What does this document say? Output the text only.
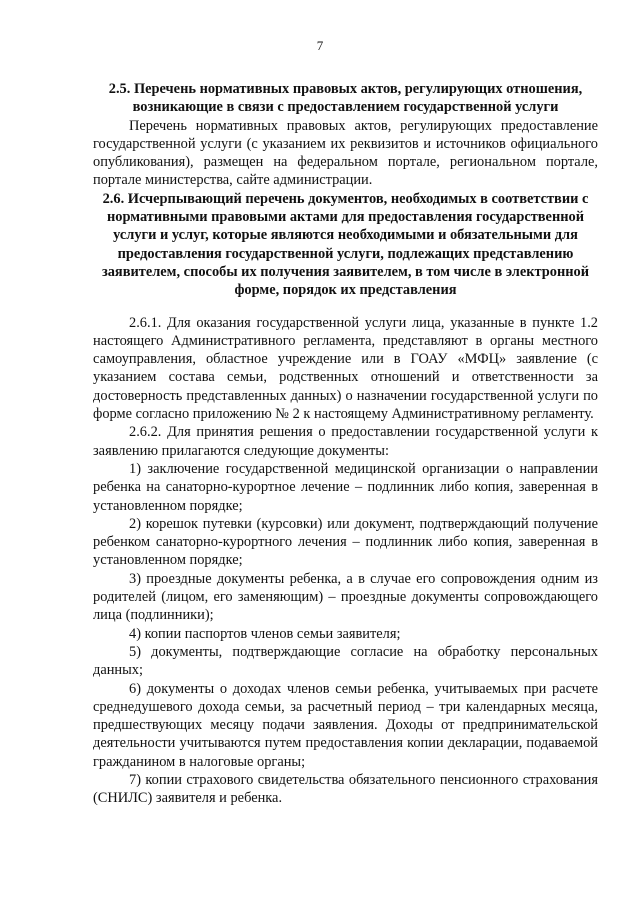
7

2.5. Перечень нормативных правовых актов, регулирующих отношения, возникающие в связи с предоставлением государственной услуги

Перечень нормативных правовых актов, регулирующих предоставление государственной услуги (с указанием их реквизитов и источников официального опубликования), размещен на федеральном портале, региональном портале, портале министерства, сайте администрации.

2.6. Исчерпывающий перечень документов, необходимых в соответствии с нормативными правовыми актами для предоставления государственной услуги и услуг, которые являются необходимыми и обязательными для предоставления государственной услуги, подлежащих представлению заявителем, способы их получения заявителем, в том числе в электронной форме, порядок их представления

2.6.1. Для оказания государственной услуги лица, указанные в пункте 1.2 настоящего Административного регламента, представляют в органы местного самоуправления, областное учреждение или в ГОАУ «МФЦ» заявление (с указанием состава семьи, родственных отношений и ответственности за достоверность представленных данных) о назначении государственной услуги по форме согласно приложению № 2 к настоящему Административному регламенту.

2.6.2. Для принятия решения о предоставлении государственной услуги к заявлению прилагаются следующие документы:

1) заключение государственной медицинской организации о направлении ребенка на санаторно-курортное лечение – подлинник либо копия, заверенная в установленном порядке;

2) корешок путевки (курсовки) или документ, подтверждающий получение ребенком санаторно-курортного лечения – подлинник либо копия, заверенная в установленном порядке;

3) проездные документы ребенка, а в случае его сопровождения одним из родителей (лицом, его заменяющим) – проездные документы сопровождающего лица (подлинники);

4) копии паспортов членов семьи заявителя;

5) документы, подтверждающие согласие на обработку персональных данных;

6) документы о доходах членов семьи ребенка, учитываемых при расчете среднедушевого дохода семьи, за расчетный период – три календарных месяца, предшествующих месяцу подачи заявления. Доходы от предпринимательской деятельности учитываются путем предоставления копии декларации, подаваемой гражданином в налоговые органы;

7) копии страхового свидетельства обязательного пенсионного страхования (СНИЛС) заявителя и ребенка.
